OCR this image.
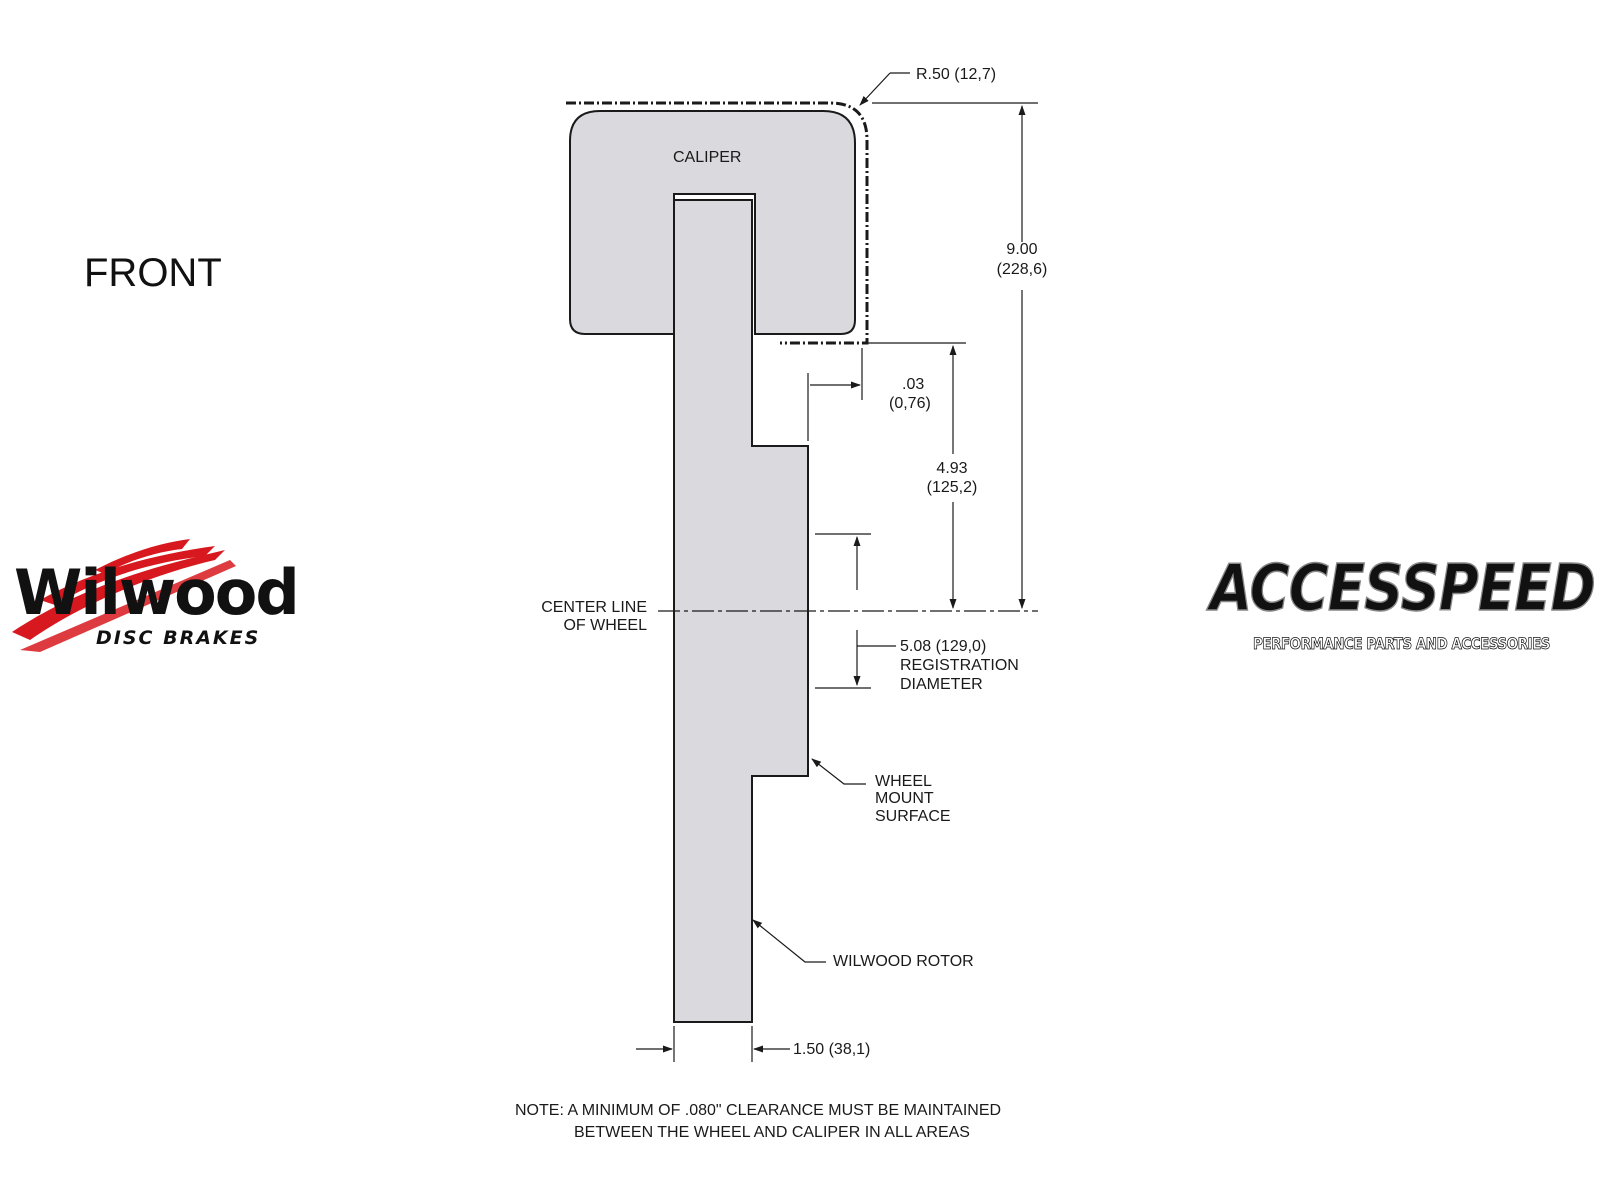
FRONT
Wilwood
DISC BRAKES
ACCESSPEED
PERFORMANCE PARTS AND ACCESSORIES
CALIPER
CENTER LINE
OF WHEEL
9.00
(228,6)
4.93
(125,2)
.03
(0,76)
5.08 (129,0)
REGISTRATION
DIAMETER
R.50 (12,7)
WHEEL
MOUNT
SURFACE
WILWOOD ROTOR
1.50 (38,1)
NOTE: A MINIMUM OF .080" CLEARANCE MUST BE MAINTAINED
BETWEEN THE WHEEL AND CALIPER IN ALL AREAS
